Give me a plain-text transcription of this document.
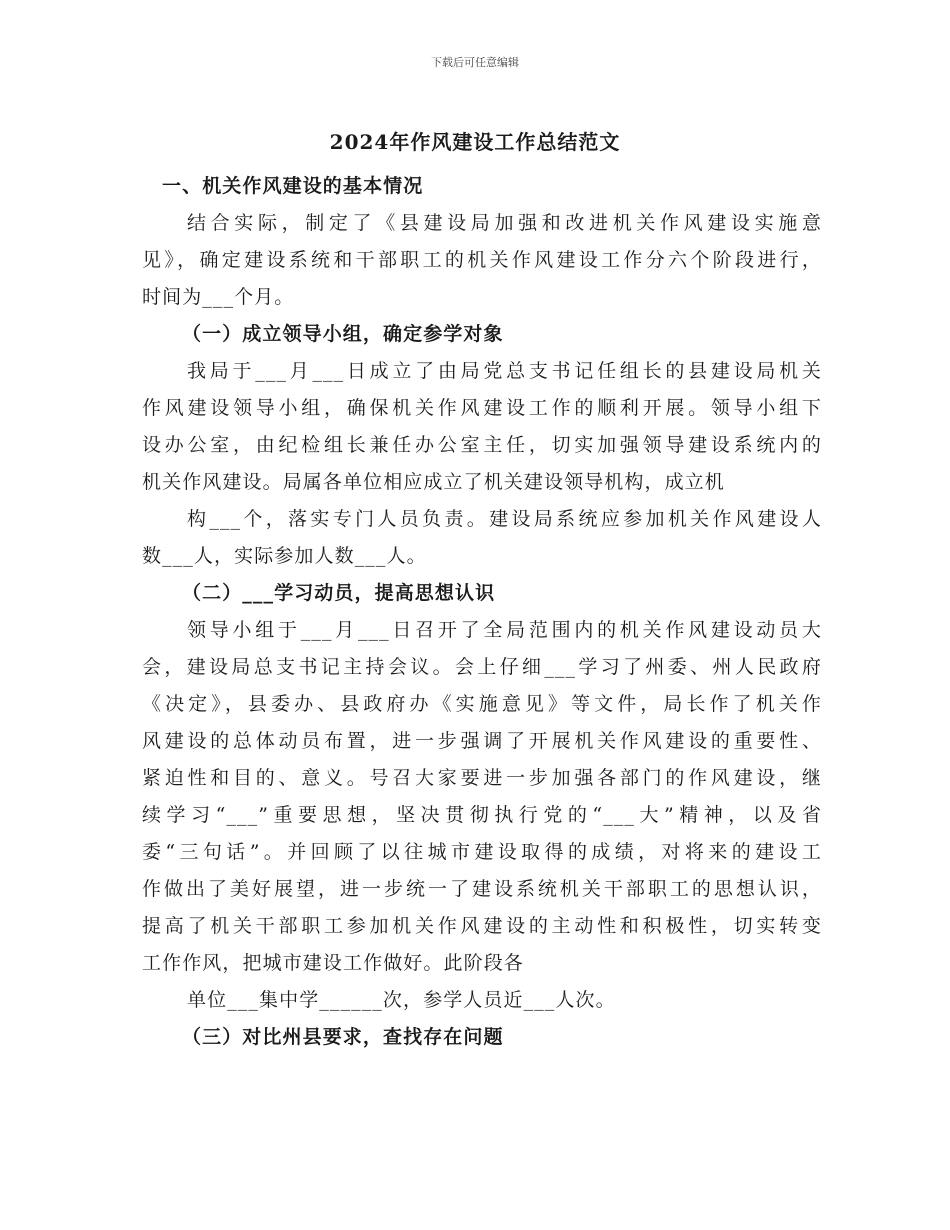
下载后可任意编辑
2024年作风建设工作总结范文
一、机关作风建设的基本情况
结合实际，制定了《县建设局加强和改进机关作风建设实施意
见》，确定建设系统和干部职工的机关作风建设工作分六个阶段进行，
时间为___个月。
（一）成立领导小组，确定参学对象
我局于___月___日成立了由局党总支书记任组长的县建设局机关
作风建设领导小组，确保机关作风建设工作的顺利开展。领导小组下
设办公室，由纪检组长兼任办公室主任，切实加强领导建设系统内的
机关作风建设。局属各单位相应成立了机关建设领导机构，成立机
构___个，落实专门人员负责。建设局系统应参加机关作风建设人
数___人，实际参加人数___人。
（二）___学习动员，提高思想认识
领导小组于___月___日召开了全局范围内的机关作风建设动员大
会，建设局总支书记主持会议。会上仔细___学习了州委、州人民政府
《决定》，县委办、县政府办《实施意见》等文件，局长作了机关作
风建设的总体动员布置，进一步强调了开展机关作风建设的重要性、
紧迫性和目的、意义。号召大家要进一步加强各部门的作风建设，继
续学习“___”重要思想，坚决贯彻执行党的“___大”精神，以及省
委“三句话”。并回顾了以往城市建设取得的成绩，对将来的建设工
作做出了美好展望，进一步统一了建设系统机关干部职工的思想认识，
提高了机关干部职工参加机关作风建设的主动性和积极性，切实转变
工作作风，把城市建设工作做好。此阶段各
单位___集中学______次，参学人员近___人次。
（三）对比州县要求，查找存在问题
